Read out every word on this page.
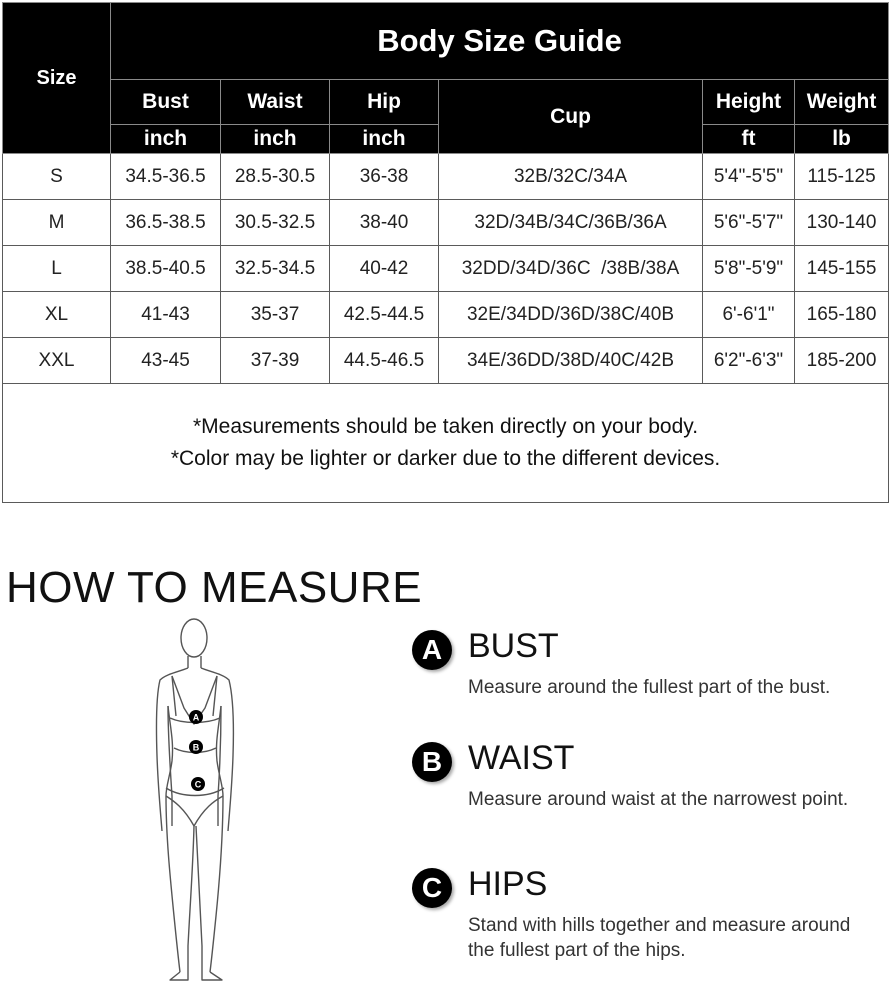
Size	Body Size Guide					
	Bust	Waist	Hip	Cup	Height	Weight
	inch	inch	inch		ft	lb
S	34.5-36.5	28.5-30.5	36-38	32B/32C/34A	5'4"-5'5"	115-125
M	36.5-38.5	30.5-32.5	38-40	32D/34B/34C/36B/36A	5'6"-5'7"	130-140
L	38.5-40.5	32.5-34.5	40-42	32DD/34D/36C  /38B/38A	5'8"-5'9"	145-155
XL	41-43	35-37	42.5-44.5	32E/34DD/36D/38C/40B	6'-6'1"	165-180
XXL	43-45	37-39	44.5-46.5	34E/36DD/38D/40C/42B	6'2"-6'3"	185-200

*Measurements should be taken directly on your body.
*Color may be lighter or darker due to the different devices.						
HOW TO MEASURE
A
B
C
A BUST
Measure around the fullest part of the bust.
B WAIST
Measure around waist at the narrowest point.
C HIPS
Stand with hills together and measure around the fullest part of the hips.
